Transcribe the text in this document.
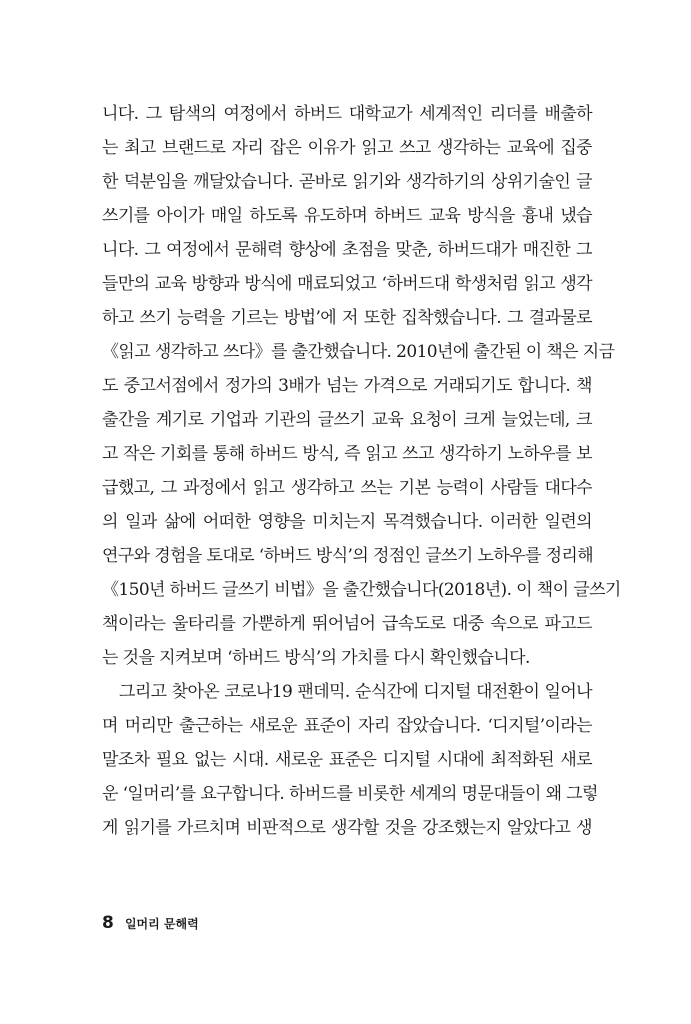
니다. 그 탐색의 여정에서 하버드 대학교가 세계적인 리더를 배출하
는 최고 브랜드로 자리 잡은 이유가 읽고 쓰고 생각하는 교육에 집중
한 덕분임을 깨달았습니다. 곧바로 읽기와 생각하기의 상위기술인 글
쓰기를 아이가 매일 하도록 유도하며 하버드 교육 방식을 흉내 냈습
니다. 그 여정에서 문해력 향상에 초점을 맞춘, 하버드대가 매진한 그
들만의 교육 방향과 방식에 매료되었고 ‘하버드대 학생처럼 읽고 생각
하고 쓰기 능력을 기르는 방법’에 저 또한 집착했습니다. 그 결과물로
《읽고 생각하고 쓰다》를 출간했습니다. 2010년에 출간된 이 책은 지금
도 중고서점에서 정가의 3배가 넘는 가격으로 거래되기도 합니다. 책
출간을 계기로 기업과 기관의 글쓰기 교육 요청이 크게 늘었는데, 크
고 작은 기회를 통해 하버드 방식, 즉 읽고 쓰고 생각하기 노하우를 보
급했고, 그 과정에서 읽고 생각하고 쓰는 기본 능력이 사람들 대다수
의 일과 삶에 어떠한 영향을 미치는지 목격했습니다. 이러한 일련의
연구와 경험을 토대로 ‘하버드 방식’의 정점인 글쓰기 노하우를 정리해
《150년 하버드 글쓰기 비법》을 출간했습니다(2018년). 이 책이 글쓰기
책이라는 울타리를 가뿐하게 뛰어넘어 급속도로 대중 속으로 파고드
는 것을 지켜보며 ‘하버드 방식’의 가치를 다시 확인했습니다.
그리고 찾아온 코로나19 팬데믹. 순식간에 디지털 대전환이 일어나
며 머리만 출근하는 새로운 표준이 자리 잡았습니다. ‘디지털’이라는
말조차 필요 없는 시대. 새로운 표준은 디지털 시대에 최적화된 새로
운 ‘일머리’를 요구합니다. 하버드를 비롯한 세계의 명문대들이 왜 그렇
게 읽기를 가르치며 비판적으로 생각할 것을 강조했는지 알았다고 생
8 일머리 문해력
